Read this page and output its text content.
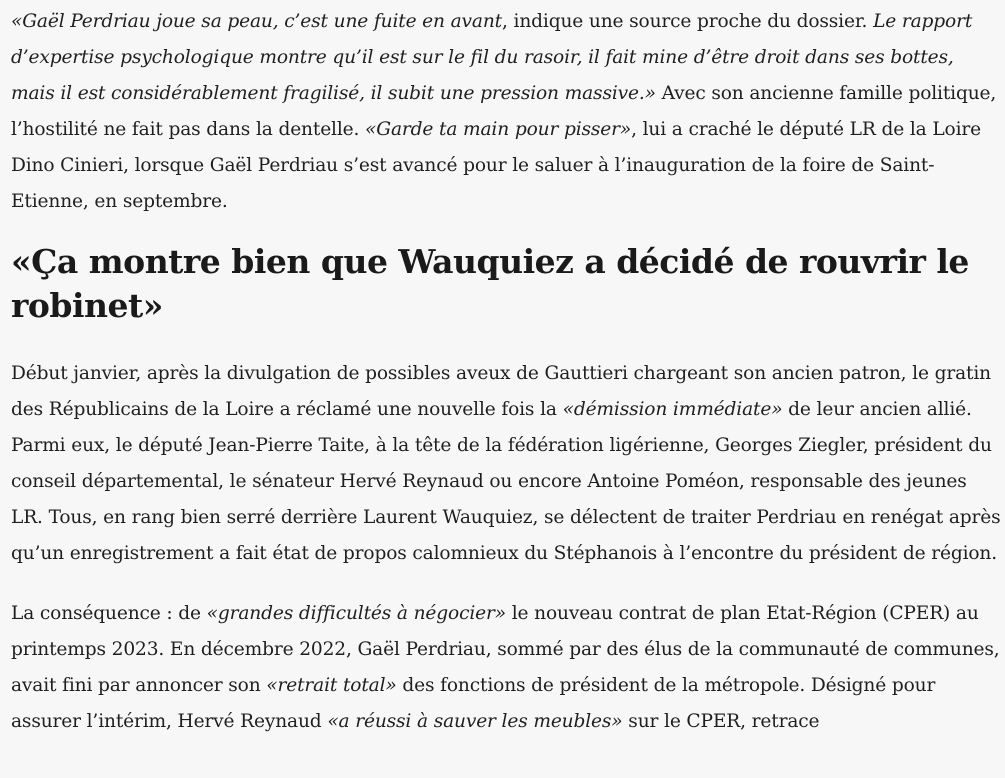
«Gaël Perdriau joue sa peau, c’est une fuite en avant, indique une source proche du dossier. Le rapport d’expertise psychologique montre qu’il est sur le fil du rasoir, il fait mine d’être droit dans ses bottes, mais il est considérablement fragilisé, il subit une pression massive.» Avec son ancienne famille politique, l’hostilité ne fait pas dans la dentelle. «Garde ta main pour pisser», lui a craché le député LR de la Loire Dino Cinieri, lorsque Gaël Perdriau s’est avancé pour le saluer à l’inauguration de la foire de Saint-Etienne, en septembre.

«Ça montre bien que Wauquiez a décidé de rouvrir le robinet»

Début janvier, après la divulgation de possibles aveux de Gauttieri chargeant son ancien patron, le gratin des Républicains de la Loire a réclamé une nouvelle fois la «démission immédiate» de leur ancien allié. Parmi eux, le député Jean-Pierre Taite, à la tête de la fédération ligérienne, Georges Ziegler, président du conseil départemental, le sénateur Hervé Reynaud ou encore Antoine Poméon, responsable des jeunes LR. Tous, en rang bien serré derrière Laurent Wauquiez, se délectent de traiter Perdriau en renégat après qu’un enregistrement a fait état de propos calomnieux du Stéphanois à l’encontre du président de région.

La conséquence : de «grandes difficultés à négocier» le nouveau contrat de plan Etat-Région (CPER) au printemps 2023. En décembre 2022, Gaël Perdriau, sommé par des élus de la communauté de communes, avait fini par annoncer son «retrait total» des fonctions de président de la métropole. Désigné pour assurer l’intérim, Hervé Reynaud «a réussi à sauver les meubles» sur le CPER, retrace
